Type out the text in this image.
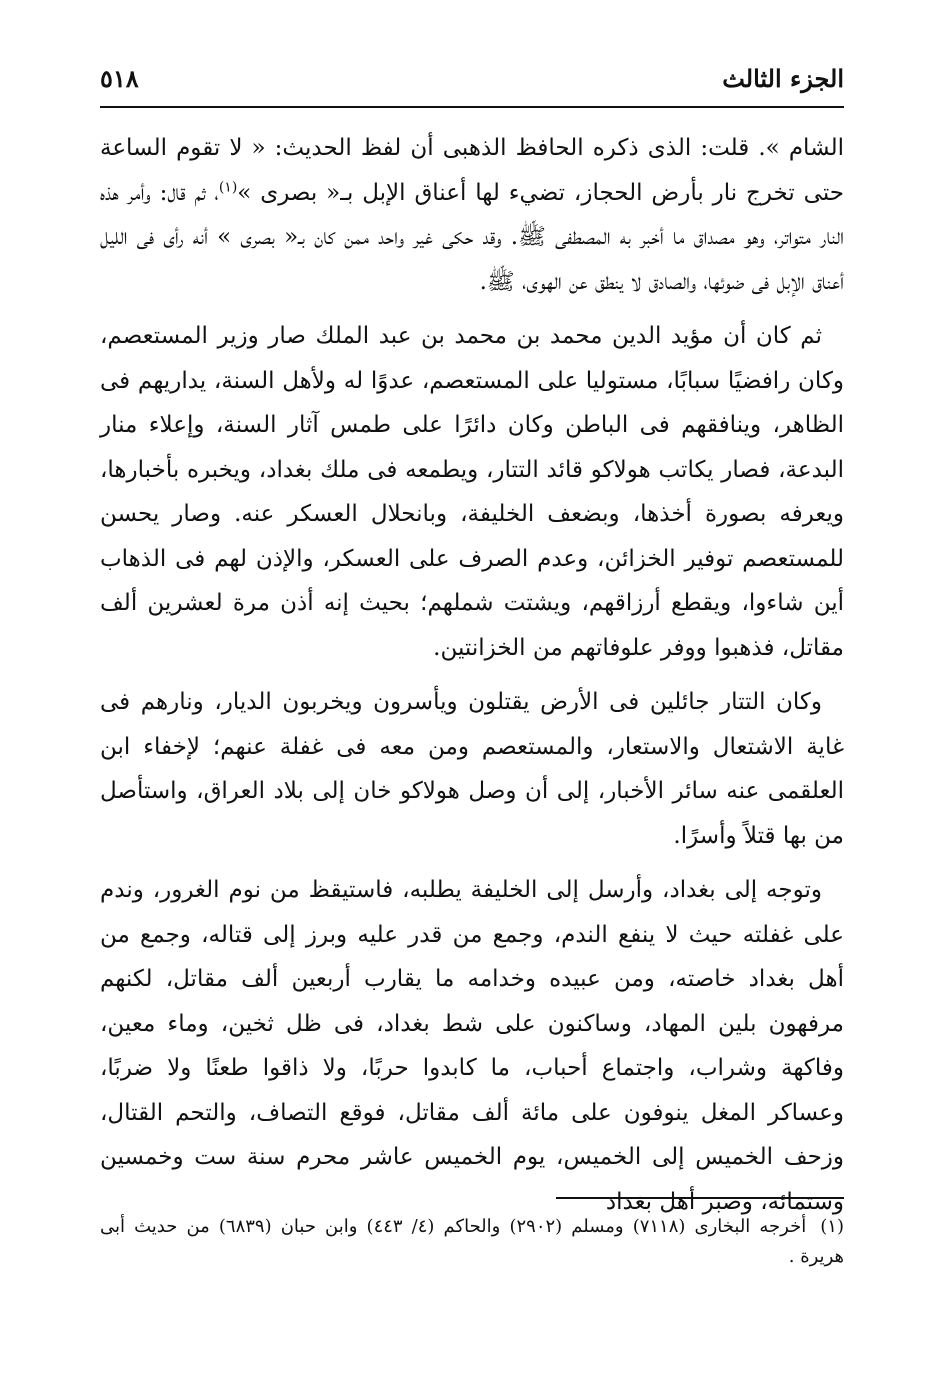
الجزء الثالث
٥١٨

الشام ». قلت: الذى ذكره الحافظ الذهبى أن لفظ الحديث: « لا تقوم الساعة حتى تخرج نار بأرض الحجاز، تضيء لها أعناق الإبل بـ« بصرى »$^{(١)}$، ثم قال: وأمر هذه النار متواتر، وهو مصداق ما أخبر به المصطفى ﷺ. وقد حكى غير واحد ممن كان بـ« بصرى » أنه رأى فى الليل أعناق الإبل فى ضوئها، والصادق لا ينطق عن الهوى، ﷺ.

ثم كان أن مؤيد الدين محمد بن محمد بن عبد الملك صار وزير المستعصم، وكان رافضيًا سبابًا، مستوليا على المستعصم، عدوًا له ولأهل السنة، يداريهم فى الظاهر، وينافقهم فى الباطن وكان دائرًا على طمس آثار السنة، وإعلاء منار البدعة، فصار يكاتب هولاكو قائد التتار، ويطمعه فى ملك بغداد، ويخبره بأخبارها، ويعرفه بصورة أخذها، وبضعف الخليفة، وبانحلال العسكر عنه. وصار يحسن للمستعصم توفير الخزائن، وعدم الصرف على العسكر، والإذن لهم فى الذهاب أين شاءوا، ويقطع أرزاقهم، ويشتت شملهم؛ بحيث إنه أذن مرة لعشرين ألف مقاتل، فذهبوا ووفر علوفاتهم من الخزانتين.

وكان التتار جائلين فى الأرض يقتلون ويأسرون ويخربون الديار، ونارهم فى غاية الاشتعال والاستعار، والمستعصم ومن معه فى غفلة عنهم؛ لإخفاء ابن العلقمى عنه سائر الأخبار، إلى أن وصل هولاكو خان إلى بلاد العراق، واستأصل من بها قتلاً وأسرًا.

وتوجه إلى بغداد، وأرسل إلى الخليفة يطلبه، فاستيقظ من نوم الغرور، وندم على غفلته حيث لا ينفع الندم، وجمع من قدر عليه وبرز إلى قتاله، وجمع من أهل بغداد خاصته، ومن عبيده وخدامه ما يقارب أربعين ألف مقاتل، لكنهم مرفهون بلين المهاد، وساكنون على شط بغداد، فى ظل ثخين، وماء معين، وفاكهة وشراب، واجتماع أحباب، ما كابدوا حربًا، ولا ذاقوا طعنًا ولا ضربًا، وعساكر المغل ينوفون على مائة ألف مقاتل، فوقع التصاف، والتحم القتال، وزحف الخميس إلى الخميس، يوم الخميس عاشر محرم سنة ست وخمسين وستمائة، وصبر أهل بغداد

(١)أخرجه البخارى (٧١١٨) ومسلم (٢٩٠٢) والحاكم (٤/ ٤٤٣) وابن حبان (٦٨٣٩) من حديث أبى هريرة .
